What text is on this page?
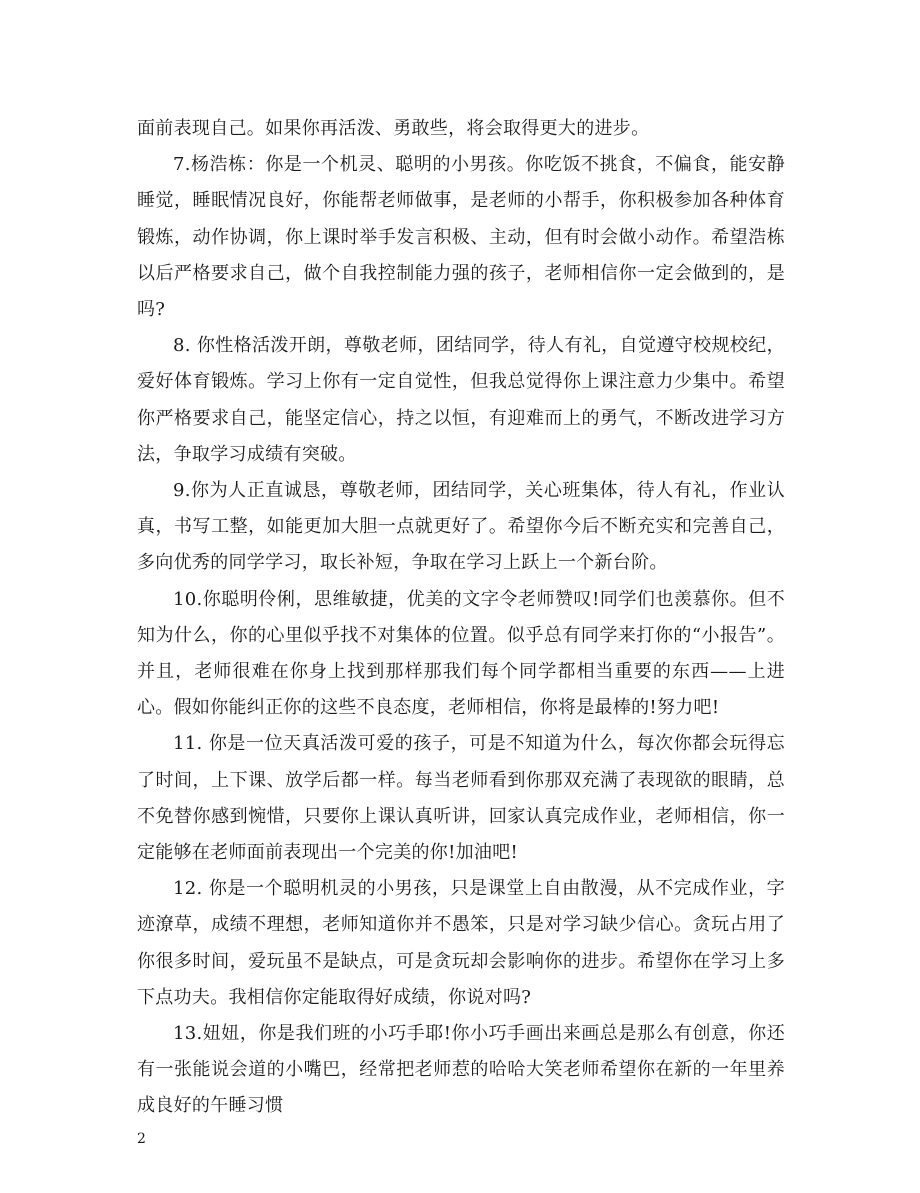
面前表现自己。如果你再活泼、勇敢些，将会取得更大的进步。

7.杨浩栋：你是一个机灵、聪明的小男孩。你吃饭不挑食，不偏食，能安静睡觉，睡眠情况良好，你能帮老师做事，是老师的小帮手，你积极参加各种体育锻炼，动作协调，你上课时举手发言积极、主动，但有时会做小动作。希望浩栋以后严格要求自己，做个自我控制能力强的孩子，老师相信你一定会做到的，是吗?

8. 你性格活泼开朗，尊敬老师，团结同学，待人有礼，自觉遵守校规校纪，爱好体育锻炼。学习上你有一定自觉性，但我总觉得你上课注意力少集中。希望你严格要求自己，能坚定信心，持之以恒，有迎难而上的勇气，不断改进学习方法，争取学习成绩有突破。

9.你为人正直诚恳，尊敬老师，团结同学，关心班集体，待人有礼，作业认真，书写工整，如能更加大胆一点就更好了。希望你今后不断充实和完善自己，多向优秀的同学学习，取长补短，争取在学习上跃上一个新台阶。

10.你聪明伶俐，思维敏捷，优美的文字令老师赞叹!同学们也羡慕你。但不知为什么，你的心里似乎找不对集体的位置。似乎总有同学来打你的“小报告”。并且，老师很难在你身上找到那样那我们每个同学都相当重要的东西——上进心。假如你能纠正你的这些不良态度，老师相信，你将是最棒的!努力吧!

11. 你是一位天真活泼可爱的孩子，可是不知道为什么，每次你都会玩得忘了时间，上下课、放学后都一样。每当老师看到你那双充满了表现欲的眼睛，总不免替你感到惋惜，只要你上课认真听讲，回家认真完成作业，老师相信，你一定能够在老师面前表现出一个完美的你!加油吧!

12. 你是一个聪明机灵的小男孩，只是课堂上自由散漫，从不完成作业，字迹潦草，成绩不理想，老师知道你并不愚笨，只是对学习缺少信心。贪玩占用了你很多时间，爱玩虽不是缺点，可是贪玩却会影响你的进步。希望你在学习上多下点功夫。我相信你定能取得好成绩，你说对吗?

13.妞妞，你是我们班的小巧手耶!你小巧手画出来画总是那么有创意，你还有一张能说会道的小嘴巴，经常把老师惹的哈哈大笑老师希望你在新的一年里养成良好的午睡习惯

2
